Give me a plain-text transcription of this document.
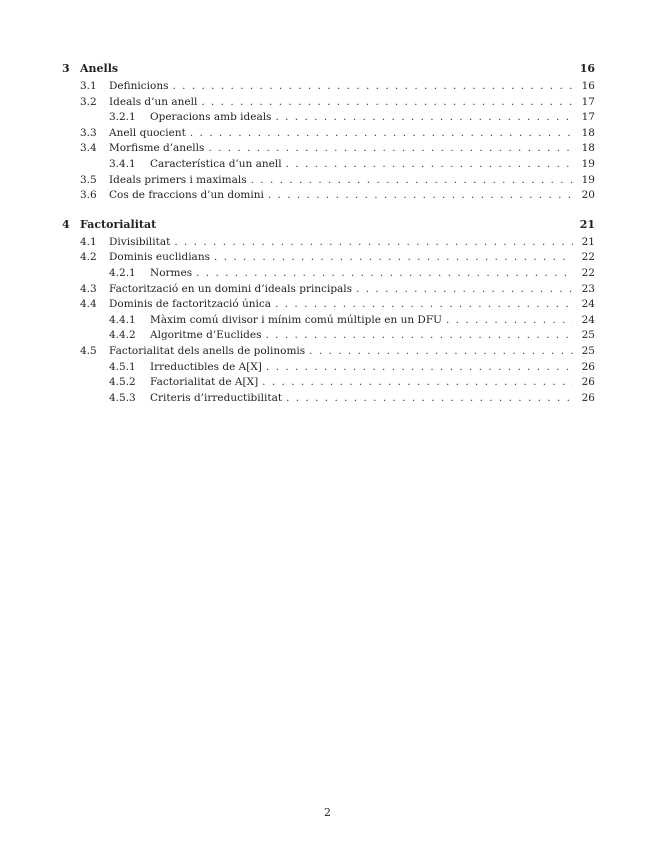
3 Anells	16
3.1	Definicions . . .	16
3.2	Ideals d’un anell . . .	17
3.2.1	Operacions amb ideals . . .	17
3.3	Anell quocient . . .	18
3.4	Morfisme d’anells . . .	18
3.4.1	Característica d’un anell . . .	19
3.5	Ideals primers i maximals . . .	19
3.6	Cos de fraccions d’un domini . . .	20
4 Factorialitat	21
4.1	Divisibilitat . . .	21
4.2	Dominis euclidians . . .	22
4.2.1	Normes . . .	22
4.3	Factorització en un domini d’ideals principals . . .	23
4.4	Dominis de factorització única . . .	24
4.4.1	Màxim comú divisor i mínim comú múltiple en un DFU . . .	24
4.4.2	Algoritme d’Euclides . . .	25
4.5	Factorialitat dels anells de polinomis . . .	25
4.5.1	Irreductibles de A[X] . . .	26
4.5.2	Factorialitat de A[X] . . .	26
4.5.3	Criteris d’irreductibilitat . . .	26
2
